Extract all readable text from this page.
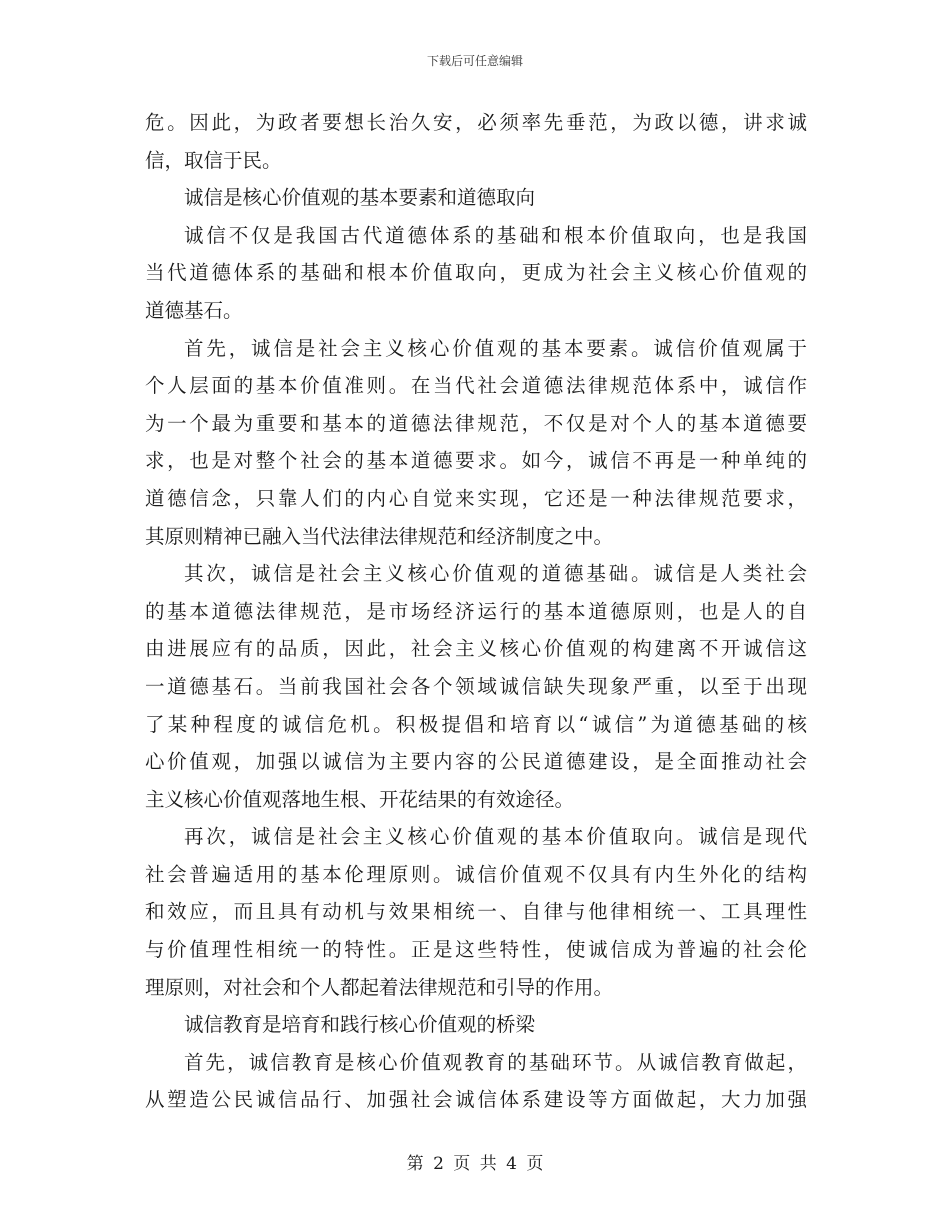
下载后可任意编辑
危。因此，为政者要想长治久安，必须率先垂范，为政以德，讲求诚
信，取信于民。
诚信是核心价值观的基本要素和道德取向
诚信不仅是我国古代道德体系的基础和根本价值取向，也是我国
当代道德体系的基础和根本价值取向，更成为社会主义核心价值观的
道德基石。
首先，诚信是社会主义核心价值观的基本要素。诚信价值观属于
个人层面的基本价值准则。在当代社会道德法律规范体系中，诚信作
为一个最为重要和基本的道德法律规范，不仅是对个人的基本道德要
求，也是对整个社会的基本道德要求。如今，诚信不再是一种单纯的
道德信念，只靠人们的内心自觉来实现，它还是一种法律规范要求，
其原则精神已融入当代法律法律规范和经济制度之中。
其次，诚信是社会主义核心价值观的道德基础。诚信是人类社会
的基本道德法律规范，是市场经济运行的基本道德原则，也是人的自
由进展应有的品质，因此，社会主义核心价值观的构建离不开诚信这
一道德基石。当前我国社会各个领域诚信缺失现象严重，以至于出现
了某种程度的诚信危机。积极提倡和培育以“诚信”为道德基础的核
心价值观，加强以诚信为主要内容的公民道德建设，是全面推动社会
主义核心价值观落地生根、开花结果的有效途径。
再次，诚信是社会主义核心价值观的基本价值取向。诚信是现代
社会普遍适用的基本伦理原则。诚信价值观不仅具有内生外化的结构
和效应，而且具有动机与效果相统一、自律与他律相统一、工具理性
与价值理性相统一的特性。正是这些特性，使诚信成为普遍的社会伦
理原则，对社会和个人都起着法律规范和引导的作用。
诚信教育是培育和践行核心价值观的桥梁
首先，诚信教育是核心价值观教育的基础环节。从诚信教育做起，
从塑造公民诚信品行、加强社会诚信体系建设等方面做起，大力加强
第 2 页 共 4 页
